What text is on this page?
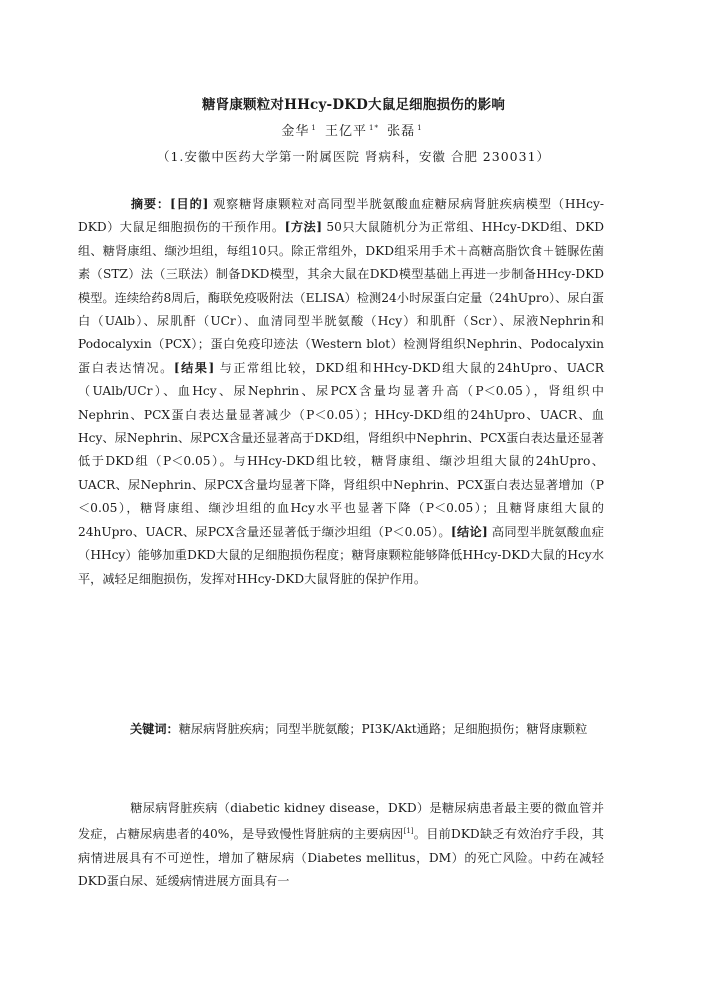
糖肾康颗粒对HHcy-DKD大鼠足细胞损伤的影响
金华 $^1$ 王亿平 $^{1*}$ 张磊 $^1$
（1.安徽中医药大学第一附属医院 肾病科，安徽 合肥 230031）
摘要：[目的] 观察糖肾康颗粒对高同型半胱氨酸血症糖尿病肾脏疾病模型（HHcy-DKD）大鼠足细胞损伤的干预作用。[方法] 50只大鼠随机分为正常组、HHcy-DKD组、DKD组、糖肾康组、缬沙坦组，每组10只。除正常组外，DKD组采用手术＋高糖高脂饮食＋链脲佐菌素（STZ）法（三联法）制备DKD模型，其余大鼠在DKD模型基础上再进一步制备HHcy-DKD模型。连续给药8周后，酶联免疫吸附法（ELISA）检测24小时尿蛋白定量（24hUpro）、尿白蛋白（UAlb）、尿肌酐（UCr）、血清同型半胱氨酸（Hcy）和肌酐（Scr）、尿液Nephrin和Podocalyxin（PCX）；蛋白免疫印迹法（Western blot）检测肾组织Nephrin、Podocalyxin蛋白表达情况。[结果] 与正常组比较，DKD组和HHcy-DKD组大鼠的24hUpro、UACR（UAlb/UCr）、血Hcy、尿Nephrin、尿PCX含量均显著升高（P＜0.05），肾组织中Nephrin、PCX蛋白表达量显著减少（P＜0.05）；HHcy-DKD组的24hUpro、UACR、血Hcy、尿Nephrin、尿PCX含量还显著高于DKD组，肾组织中Nephrin、PCX蛋白表达量还显著低于DKD组（P＜0.05）。与HHcy-DKD组比较，糖肾康组、缬沙坦组大鼠的24hUpro、UACR、尿Nephrin、尿PCX含量均显著下降，肾组织中Nephrin、PCX蛋白表达显著增加（P＜0.05），糖肾康组、缬沙坦组的血Hcy水平也显著下降（P＜0.05）；且糖肾康组大鼠的24hUpro、UACR、尿PCX含量还显著低于缬沙坦组（P＜0.05）。[结论] 高同型半胱氨酸血症（HHcy）能够加重DKD大鼠的足细胞损伤程度；糖肾康颗粒能够降低HHcy-DKD大鼠的Hcy水平，减轻足细胞损伤，发挥对HHcy-DKD大鼠肾脏的保护作用。
关键词：糖尿病肾脏疾病；同型半胱氨酸；PI3K/Akt通路；足细胞损伤；糖肾康颗粒
糖尿病肾脏疾病（diabetic kidney disease，DKD）是糖尿病患者最主要的微血管并发症，占糖尿病患者的40%，是导致慢性肾脏病的主要病因[1]。目前DKD缺乏有效治疗手段，其病情进展具有不可逆性，增加了糖尿病（Diabetes mellitus，DM）的死亡风险。中药在减轻DKD蛋白尿、延缓病情进展方面具有一
